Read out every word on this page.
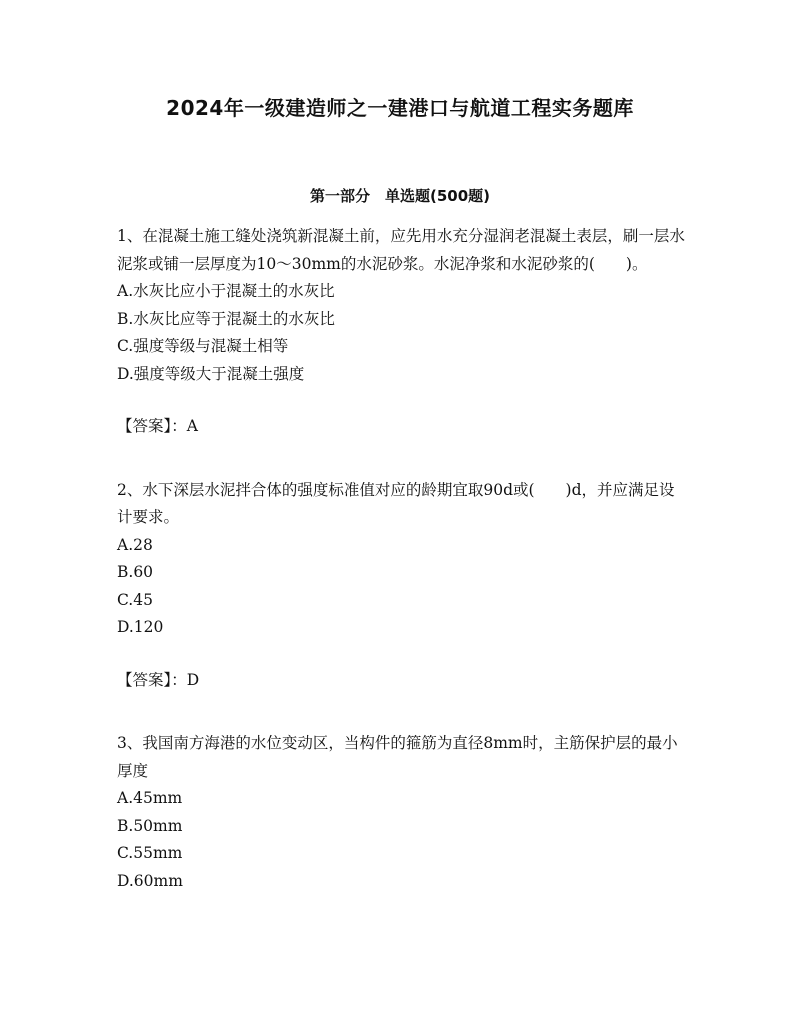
2024年一级建造师之一建港口与航道工程实务题库
第一部分　单选题(500题)

1、在混凝土施工缝处浇筑新混凝土前，应先用水充分湿润老混凝土表层，刷一层水泥浆或铺一层厚度为10～30mm的水泥砂浆。水泥净浆和水泥砂浆的(　　)。

A.水灰比应小于混凝土的水灰比

B.水灰比应等于混凝土的水灰比

C.强度等级与混凝土相等

D.强度等级大于混凝土强度

【答案】：A

2、水下深层水泥拌合体的强度标准值对应的龄期宜取90d或(　　)d，并应满足设计要求。

A.28

B.60

C.45

D.120

【答案】：D

3、我国南方海港的水位变动区，当构件的箍筋为直径8mm时，主筋保护层的最小厚度

A.45mm

B.50mm

C.55mm

D.60mm
